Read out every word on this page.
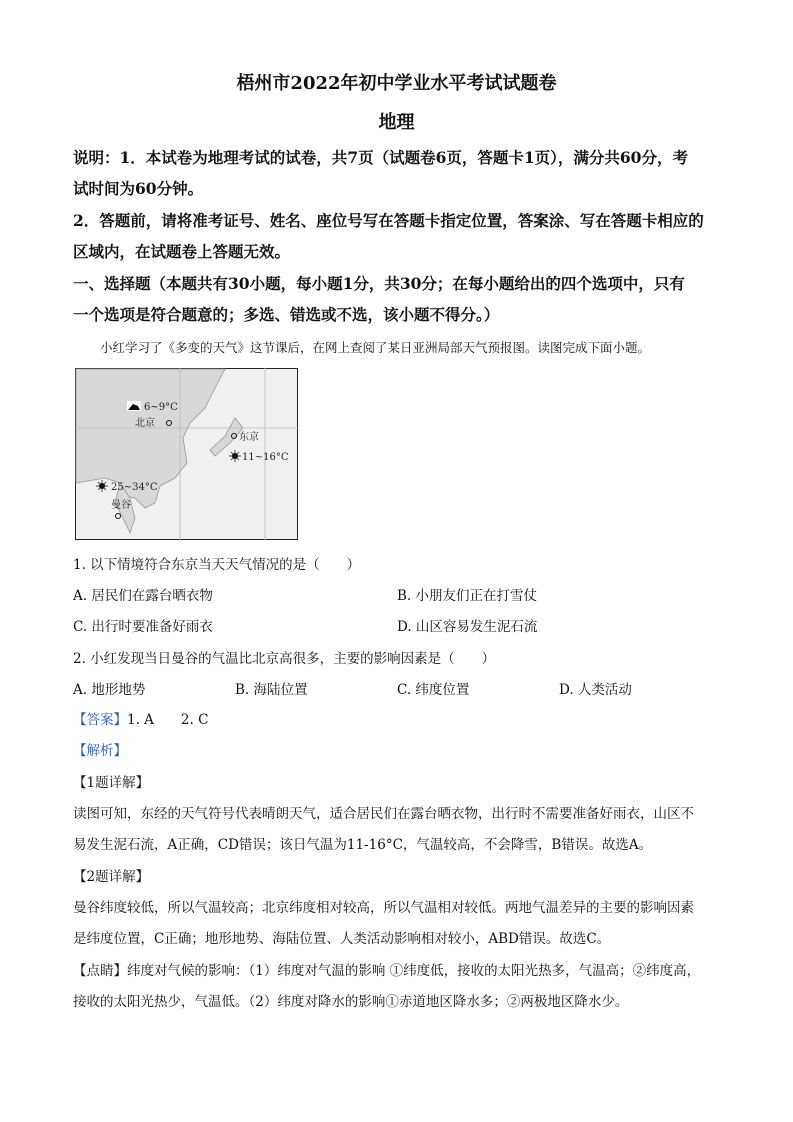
梧州市2022年初中学业水平考试试题卷
地理
说明：1．本试卷为地理考试的试卷，共7页（试题卷6页，答题卡1页），满分共60分，考
试时间为60分钟。
2．答题前，请将准考证号、姓名、座位号写在答题卡指定位置，答案涂、写在答题卡相应的
区域内，在试题卷上答题无效。
一、选择题（本题共有30小题，每小题1分，共30分；在每小题给出的四个选项中，只有
一个选项是符合题意的；多选、错选或不选，该小题不得分。）
小红学习了《多变的天气》这节课后，在网上查阅了某日亚洲局部天气预报图。读图完成下面小题。
6~9°C
北京
东京
11~16°C
25~34°C
曼谷
1. 以下情境符合东京当天天气情况的是（　　）
A. 居民们在露台晒衣物	B. 小朋友们正在打雪仗
C. 出行时要准备好雨衣	D. 山区容易发生泥石流
2. 小红发现当日曼谷的气温比北京高很多，主要的影响因素是（　　）
A. 地形地势	B. 海陆位置	C. 纬度位置	D. 人类活动
【答案】1. A　　2. C
【解析】
【1题详解】
读图可知，东经的天气符号代表晴朗天气，适合居民们在露台晒衣物，出行时不需要准备好雨衣，山区不
易发生泥石流，A正确，CD错误；该日气温为11-16°C，气温较高，不会降雪，B错误。故选A。
【2题详解】
曼谷纬度较低，所以气温较高；北京纬度相对较高，所以气温相对较低。两地气温差异的主要的影响因素
是纬度位置，C正确；地形地势、海陆位置、人类活动影响相对较小，ABD错误。故选C。
【点睛】纬度对气候的影响：（1）纬度对气温的影响 ①纬度低，接收的太阳光热多，气温高；②纬度高，
接收的太阳光热少，气温低。（2）纬度对降水的影响①赤道地区降水多；②两极地区降水少。
